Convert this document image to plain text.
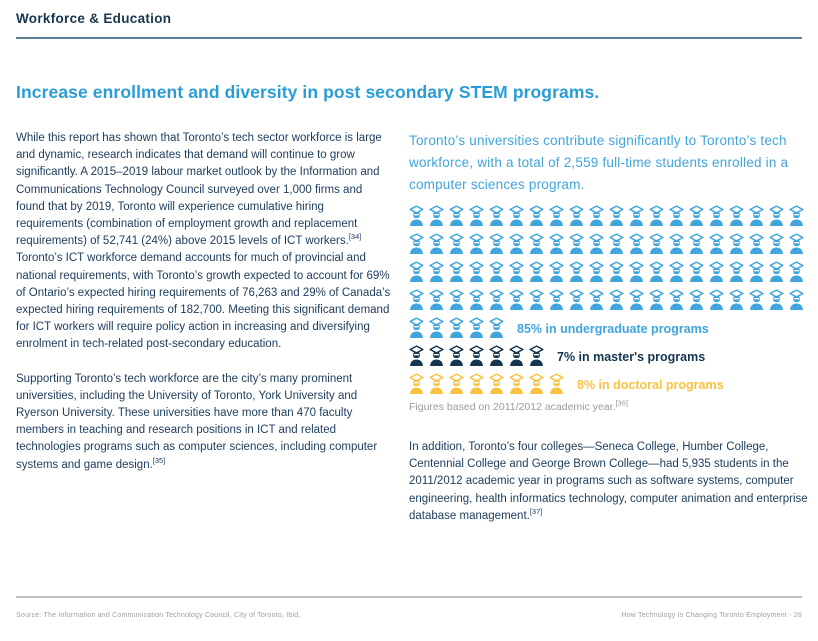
Workforce & Education
Increase enrollment and diversity in post secondary STEM programs.

While this report has shown that Toronto’s tech sector workforce is large and dynamic, research indicates that demand will continue to grow significantly. A 2015–2019 labour market outlook by the Information and Communications Technology Council surveyed over 1,000 firms and found that by 2019, Toronto will experience cumulative hiring requirements (combination of employment growth and replacement requirements) of 52,741 (24%) above 2015 levels of ICT workers.[34] Toronto’s ICT workforce demand accounts for much of provincial and national requirements, with Toronto’s growth expected to account for 69% of Ontario’s expected hiring requirements of 76,263 and 29% of Canada’s expected hiring requirements of 182,700. Meeting this significant demand for ICT workers will require policy action in increasing and diversifying enrolment in tech-related post-secondary education.

Supporting Toronto’s tech workforce are the city’s many prominent universities, including the University of Toronto, York University and Ryerson University. These universities have more than 470 faculty members in teaching and research positions in ICT and related technologies programs such as computer sciences, including computer systems and game design.[35]

Toronto’s universities contribute significantly to Toronto’s tech workforce, with a total of 2,559 full-time students enrolled in a computer sciences program.

85% in undergraduate programs
7% in master's programs
8% in doctoral programs

Figures based on 2011/2012 academic year.[36]

In addition, Toronto’s four colleges—Seneca College, Humber College, Centennial College and George Brown College—had 5,935 students in the 2011/2012 academic year in programs such as software systems, computer engineering, health informatics technology, computer animation and enterprise database management.[37]

Source: The Information and Communication Technology Council, City of Toronto, Ibid,	How Technology Is Changing Toronto Employment - 26
